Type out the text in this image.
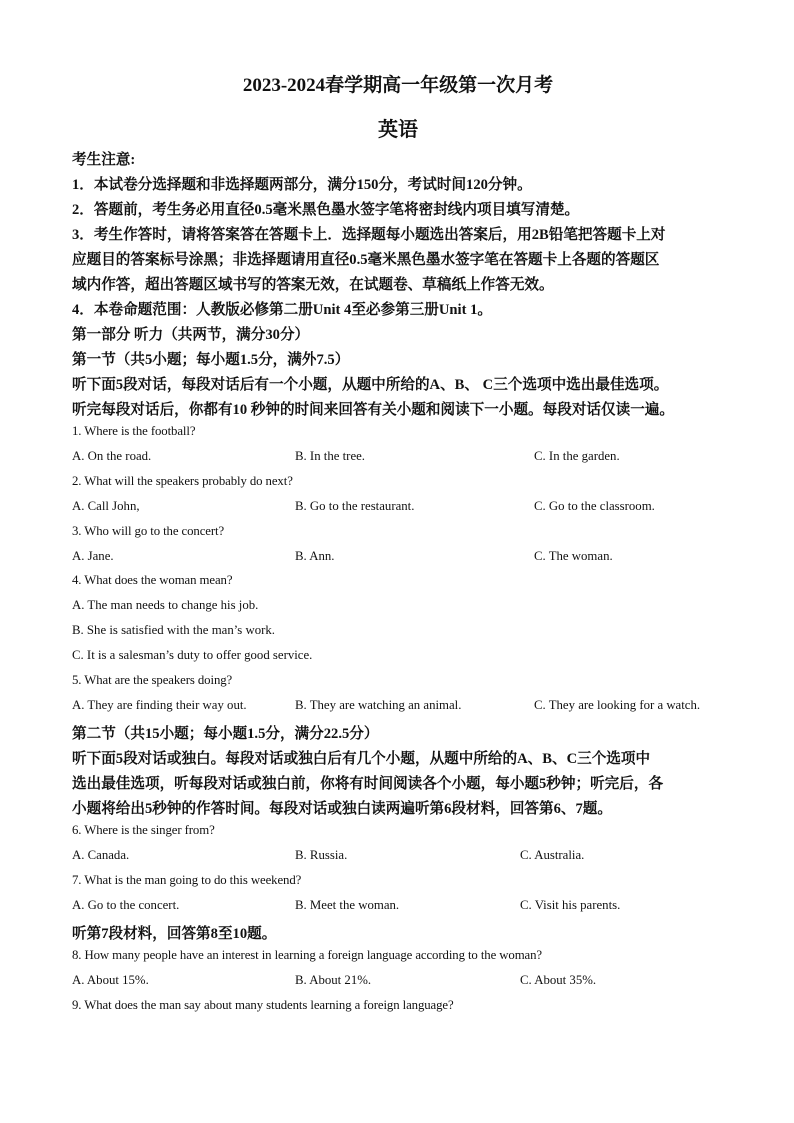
2023-2024春学期高一年级第一次月考
英语
考生注意:
1．本试卷分选择题和非选择题两部分，满分150分，考试时间120分钟。
2．答题前，考生务必用直径0.5毫米黑色墨水签字笔将密封线内项目填写清楚。
3．考生作答时，请将答案答在答题卡上．选择题每小题选出答案后，用2B铅笔把答题卡上对
应题目的答案标号涂黑；非选择题请用直径0.5毫米黑色墨水签字笔在答题卡上各题的答题区
域内作答，超出答题区域书写的答案无效，在试题卷、草稿纸上作答无效。
4．本卷命题范围：人教版必修第二册Unit 4至必参第三册Unit 1。
第一部分 听力（共两节，满分30分）
第一节（共5小题；每小题1.5分，满外7.5）
听下面5段对话，每段对话后有一个小题，从题中所给的A、B、 C三个选项中选出最佳选项。
听完每段对话后，你都有10 秒钟的时间来回答有关小题和阅读下一小题。每段对话仅读一遍。
1. Where is the football?
A. On the road.	B. In the tree.	C. In the garden.
2. What will the speakers probably do next?
A. Call John,	B. Go to the restaurant.	C. Go to the classroom.
3. Who will go to the concert?
A. Jane.	B. Ann.	C. The woman.
4. What does the woman mean?
A. The man needs to change his job.
B. She is satisfied with the man’s work.
C. It is a salesman’s duty to offer good service.
5. What are the speakers doing?
A. They are finding their way out.	B. They are watching an animal.	C. They are looking for a watch.
第二节（共15小题；每小题1.5分，满分22.5分）
听下面5段对话或独白。每段对话或独白后有几个小题，从题中所给的A、B、C三个选项中
选出最佳选项，听每段对话或独白前，你将有时间阅读各个小题，每小题5秒钟；听完后，各
小题将给出5秒钟的作答时间。每段对话或独白读两遍听第6段材料，回答第6、7题。
6. Where is the singer from?
A. Canada.	B. Russia.	C. Australia.
7. What is the man going to do this weekend?
A. Go to the concert.	B. Meet the woman.	C. Visit his parents.
听第7段材料，回答第8至10题。
8. How many people have an interest in learning a foreign language according to the woman?
A. About 15%.	B. About 21%.	C. About 35%.
9. What does the man say about many students learning a foreign language?
